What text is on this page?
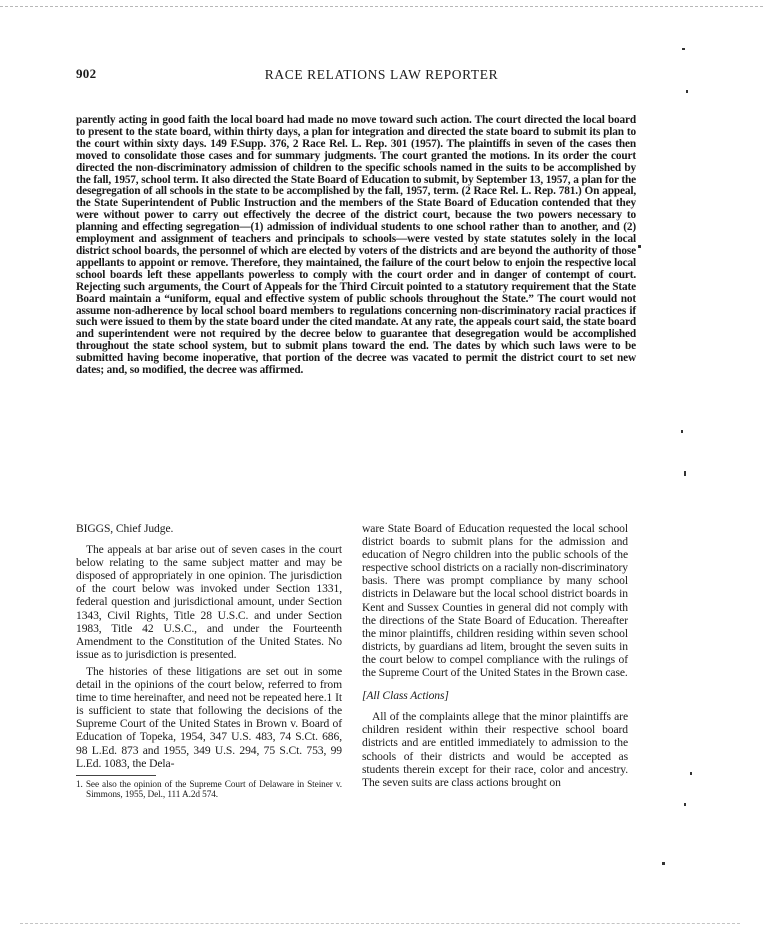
902	RACE RELATIONS LAW REPORTER

parently acting in good faith the local board had made no move toward such action. The court directed the local board to present to the state board, within thirty days, a plan for integration and directed the state board to submit its plan to the court within sixty days. 149 F.Supp. 376, 2 Race Rel. L. Rep. 301 (1957). The plaintiffs in seven of the cases then moved to consolidate those cases and for summary judgments. The court granted the motions. In its order the court directed the non-discriminatory admission of children to the specific schools named in the suits to be accomplished by the fall, 1957, school term. It also directed the State Board of Education to submit, by September 13, 1957, a plan for the desegregation of all schools in the state to be accomplished by the fall, 1957, term. (2 Race Rel. L. Rep. 781.) On appeal, the State Superintendent of Public Instruction and the members of the State Board of Education contended that they were without power to carry out effectively the decree of the district court, because the two powers necessary to planning and effecting segregation—(1) admission of individual students to one school rather than to another, and (2) employment and assignment of teachers and principals to schools—were vested by state statutes solely in the local district school boards, the personnel of which are elected by voters of the districts and are beyond the authority of those appellants to appoint or remove. Therefore, they maintained, the failure of the court below to enjoin the respective local school boards left these appellants powerless to comply with the court order and in danger of contempt of court. Rejecting such arguments, the Court of Appeals for the Third Circuit pointed to a statutory requirement that the State Board maintain a “uniform, equal and effective system of public schools throughout the State.” The court would not assume non-adherence by local school board members to regulations concerning non-discriminatory racial practices if such were issued to them by the state board under the cited mandate. At any rate, the appeals court said, the state board and superintendent were not required by the decree below to guarantee that desegregation would be accomplished throughout the state school system, but to submit plans toward the end. The dates by which such laws were to be submitted having become inoperative, that portion of the decree was vacated to permit the district court to set new dates; and, so modified, the decree was affirmed.

BIGGS, Chief Judge.

The appeals at bar arise out of seven cases in the court below relating to the same subject matter and may be disposed of appropriately in one opinion. The jurisdiction of the court below was invoked under Section 1331, federal question and jurisdictional amount, under Section 1343, Civil Rights, Title 28 U.S.C. and under Section 1983, Title 42 U.S.C., and under the Fourteenth Amendment to the Constitution of the United States. No issue as to jurisdiction is presented.

The histories of these litigations are set out in some detail in the opinions of the court below, referred to from time to time hereinafter, and need not be repeated here.1 It is sufficient to state that following the decisions of the Supreme Court of the United States in Brown v. Board of Education of Topeka, 1954, 347 U.S. 483, 74 S.Ct. 686, 98 L.Ed. 873 and 1955, 349 U.S. 294, 75 S.Ct. 753, 99 L.Ed. 1083, the Dela-

1. See also the opinion of the Supreme Court of Delaware in Steiner v. Simmons, 1955, Del., 111 A.2d 574.

ware State Board of Education requested the local school district boards to submit plans for the admission and education of Negro children into the public schools of the respective school districts on a racially non-discriminatory basis. There was prompt compliance by many school districts in Delaware but the local school district boards in Kent and Sussex Counties in general did not comply with the directions of the State Board of Education. Thereafter the minor plaintiffs, children residing within seven school districts, by guardians ad litem, brought the seven suits in the court below to compel compliance with the rulings of the Supreme Court of the United States in the Brown case.

[All Class Actions]

All of the complaints allege that the minor plaintiffs are children resident within their respective school board districts and are entitled immediately to admission to the schools of their districts and would be accepted as students therein except for their race, color and ancestry. The seven suits are class actions brought on
